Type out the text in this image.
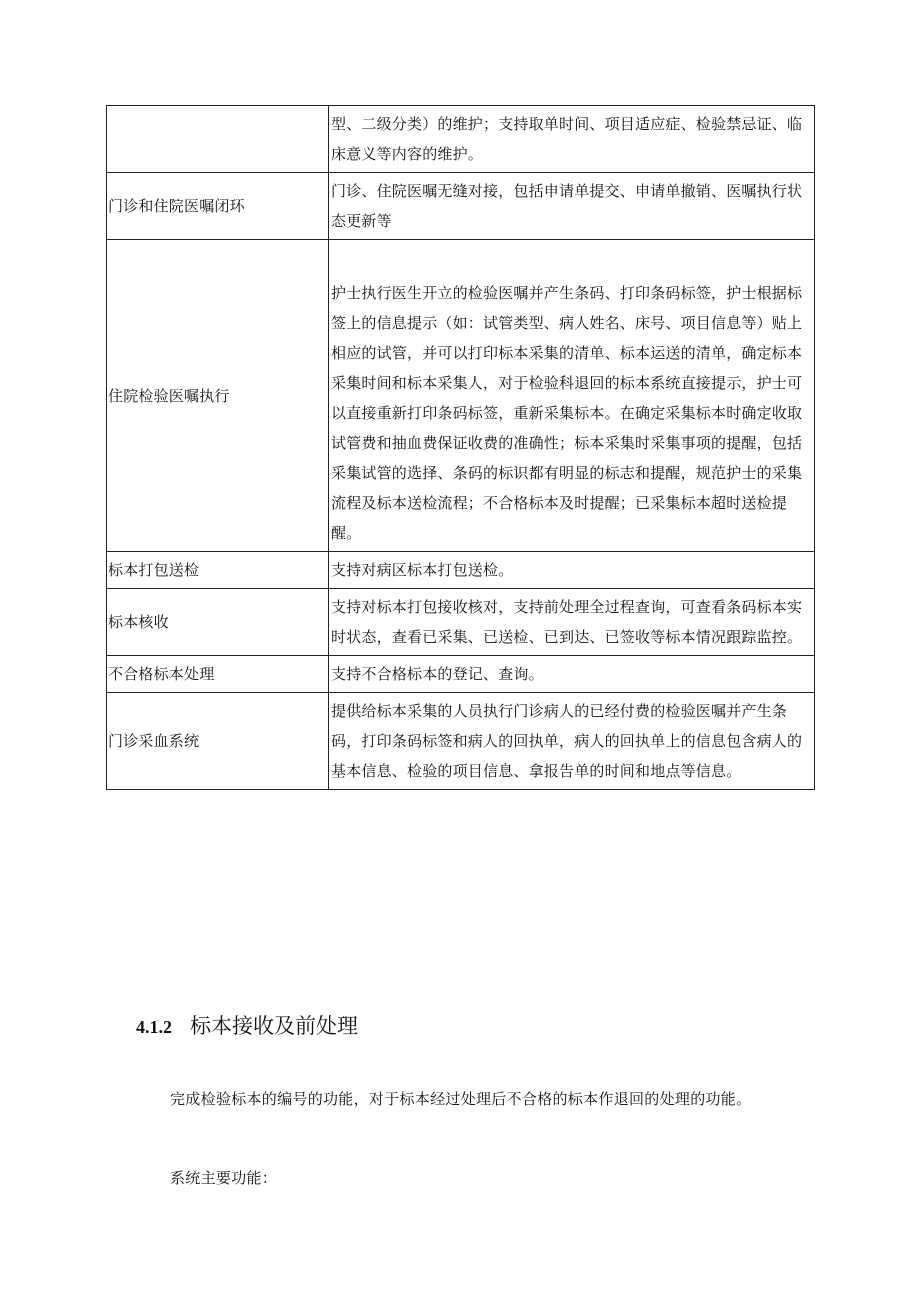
	型、二级分类）的维护；支持取单时间、项目适应症、检验禁忌证、临床意义等内容的维护。
门诊和住院医嘱闭环	门诊、住院医嘱无缝对接，包括申请单提交、申请单撤销、医嘱执行状态更新等
住院检验医嘱执行	护士执行医生开立的检验医嘱并产生条码、打印条码标签，护士根据标签上的信息提示（如：试管类型、病人姓名、床号、项目信息等）贴上相应的试管，并可以打印标本采集的清单、标本运送的清单，确定标本采集时间和标本采集人，对于检验科退回的标本系统直接提示，护士可以直接重新打印条码标签，重新采集标本。在确定采集标本时确定收取试管费和抽血费保证收费的准确性；标本采集时采集事项的提醒，包括采集试管的选择、条码的标识都有明显的标志和提醒，规范护士的采集流程及标本送检流程；不合格标本及时提醒；已采集标本超时送检提醒。
标本打包送检	支持对病区标本打包送检。
标本核收	支持对标本打包接收核对，支持前处理全过程查询，可查看条码标本实时状态，查看已采集、已送检、已到达、已签收等标本情况跟踪监控。
不合格标本处理	支持不合格标本的登记、查询。
门诊采血系统	提供给标本采集的人员执行门诊病人的已经付费的检验医嘱并产生条码，打印条码标签和病人的回执单，病人的回执单上的信息包含病人的基本信息、检验的项目信息、拿报告单的时间和地点等信息。
4.1.2 标本接收及前处理

完成检验标本的编号的功能，对于标本经过处理后不合格的标本作退回的处理的功能。

系统主要功能：
